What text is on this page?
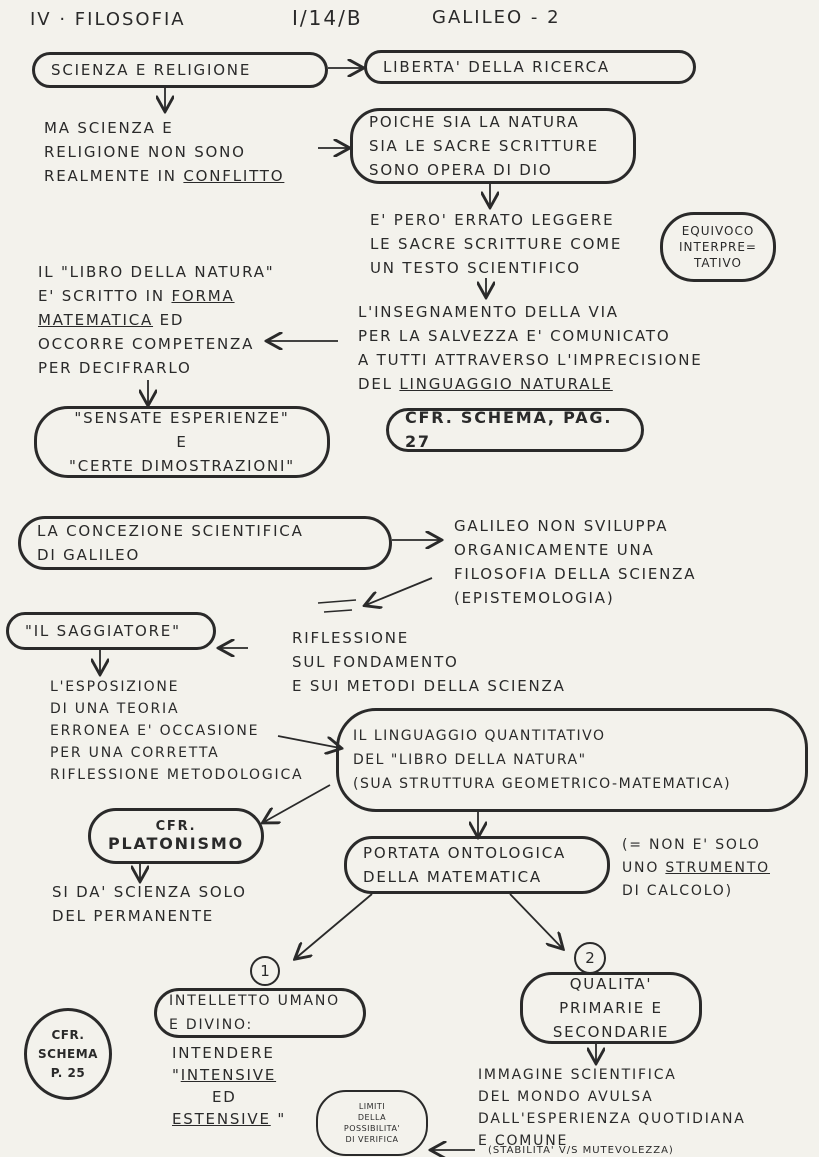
IV · FILOSOFIA	I/14/B	GALILEO - 2
SCIENZA E RELIGIONE	LIBERTA' DELLA RICERCA
MA SCIENZA E
RELIGIONE NON SONO
REALMENTE IN CONFLITTO
POICHE SIA LA NATURA
SIA LE SACRE SCRITTURE
SONO OPERA DI DIO
E' PERO' ERRATO LEGGERE
LE SACRE SCRITTURE COME
UN TESTO SCIENTIFICO
EQUIVOCO
INTERPRE=
TATIVO
IL "LIBRO DELLA NATURA"
E' SCRITTO IN FORMA
MATEMATICA ED
OCCORRE COMPETENZA
PER DECIFRARLO
L'INSEGNAMENTO DELLA VIA
PER LA SALVEZZA E' COMUNICATO
A TUTTI ATTRAVERSO L'IMPRECISIONE
DEL LINGUAGGIO NATURALE
"SENSATE ESPERIENZE"
E
"CERTE DIMOSTRAZIONI"
CFR. SCHEMA, PAG. 27
LA CONCEZIONE SCIENTIFICA
DI GALILEO
GALILEO NON SVILUPPA
ORGANICAMENTE UNA
FILOSOFIA DELLA SCIENZA
(EPISTEMOLOGIA)
"IL SAGGIATORE"	RIFLESSIONE
SUL FONDAMENTO
E SUI METODI DELLA SCIENZA
L'ESPOSIZIONE
DI UNA TEORIA
ERRONEA E' OCCASIONE
PER UNA CORRETTA
RIFLESSIONE METODOLOGICA
IL LINGUAGGIO QUANTITATIVO
DEL "LIBRO DELLA NATURA"
(SUA STRUTTURA GEOMETRICO-MATEMATICA)
CFR.
PLATONISMO
SI DA' SCIENZA SOLO
DEL PERMANENTE
PORTATA ONTOLOGICA
DELLA MATEMATICA
(= NON E' SOLO
UNO STRUMENTO
DI CALCOLO)
1
2
INTELLETTO UMANO
E DIVINO:
INTENDERE
"INTENSIVE
ED
ESTENSIVE "
QUALITA'
PRIMARIE E
SECONDARIE
CFR.
SCHEMA
P. 25	IMMAGINE SCIENTIFICA
DEL MONDO AVULSA
DALL'ESPERIENZA QUOTIDIANA
E COMUNE
(STABILITA' V/S MUTEVOLEZZA)
LIMITI
DELLA
POSSIBILITA'
DI VERIFICA
